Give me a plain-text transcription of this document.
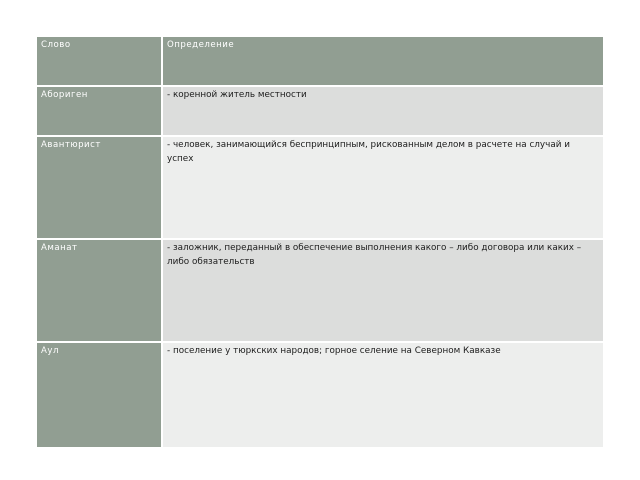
Слово	Определение
Абориген	- коренной житель местности
Авантюрист	- человек, занимающийся беспринципным, рискованным делом в расчете на случай и успех
Аманат	- заложник, переданный в обеспечение выполнения какого – либо договора или каких – либо обязательств
Аул	- поселение у тюркских народов; горное селение на Северном Кавказе
